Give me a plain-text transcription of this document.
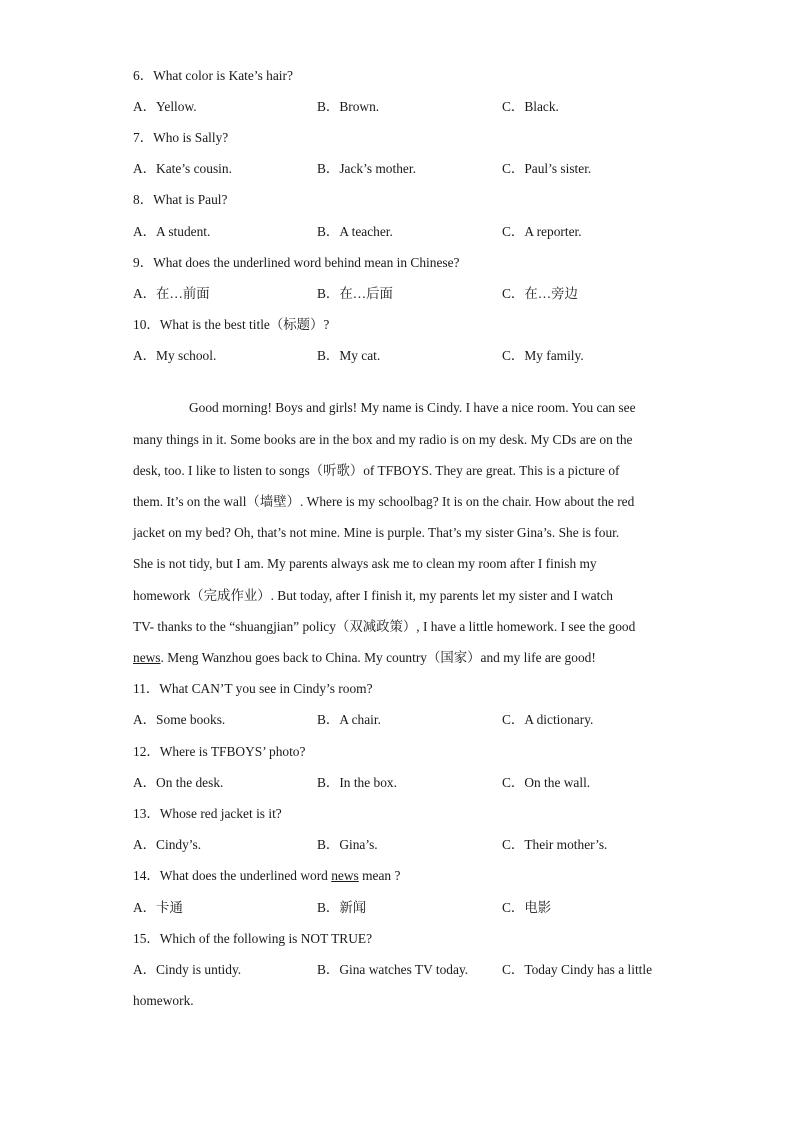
6．What color is Kate’s hair?
A．Yellow.	B．Brown.	C．Black.
7．Who is Sally?
A．Kate’s cousin.	B．Jack’s mother.	C．Paul’s sister.
8．What is Paul?
A．A student.	B．A teacher.	C．A reporter.
9．What does the underlined word behind mean in Chinese?
A．在…前面	B．在…后面	C．在…旁边
10．What is the best title（标题）?
A．My school.	B．My cat.	C．My family.
Good morning! Boys and girls! My name is Cindy. I have a nice room. You can see
many things in it. Some books are in the box and my radio is on my desk. My CDs are on the
desk, too. I like to listen to songs（听歌）of TFBOYS. They are great. This is a picture of
them. It’s on the wall（墙壁）. Where is my schoolbag? It is on the chair. How about the red
jacket on my bed? Oh, that’s not mine. Mine is purple. That’s my sister Gina’s. She is four.
She is not tidy, but I am. My parents always ask me to clean my room after I finish my
homework（完成作业）. But today, after I finish it, my parents let my sister and I watch
TV- thanks to the “shuangjian” policy（双减政策）, I have a little homework. I see the good
news. Meng Wanzhou goes back to China. My country（国家）and my life are good!
11．What CAN’T you see in Cindy’s room?
A．Some books.	B．A chair.	C．A dictionary.
12．Where is TFBOYS’ photo?
A．On the desk.	B．In the box.	C．On the wall.
13．Whose red jacket is it?
A．Cindy’s.	B．Gina’s.	C．Their mother’s.
14．What does the underlined word news mean ?
A．卡通	B．新闻	C．电影
15．Which of the following is NOT TRUE?
A．Cindy is untidy.	B．Gina watches TV today.	C．Today Cindy has a little
homework.
